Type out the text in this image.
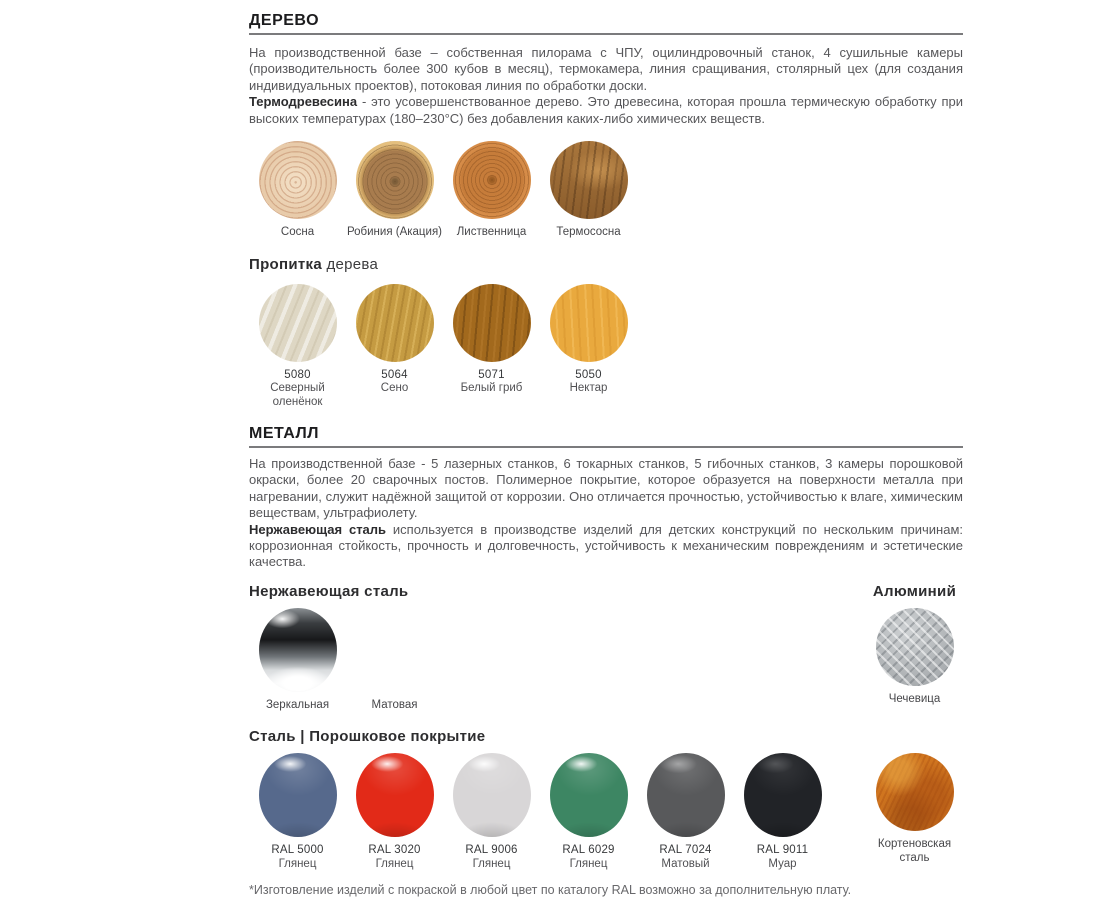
ДЕРЕВО

На производственной базе – собственная пилорама с ЧПУ, оцилиндровочный станок, 4 сушильные камеры (производительность более 300 кубов в месяц), термокамера, линия сращивания, столярный цех (для создания индивидуальных проектов), потоковая линия по обработки доски.

Термодревесина - это усовершенствованное дерево. Это древесина, которая прошла термическую обработку при высоких температурах (180–230°C) без добавления каких-либо химических веществ.

Сосна	Робиния (Акация) Лиственница	Термососна
Пропитка дерева
5080
Северный оленёнок
5064
Сено
5071
Белый гриб
5050
Нектар
МЕТАЛЛ

На производственной базе - 5 лазерных станков, 6 токарных станков, 5 гибочных станков, 3 камеры порошковой окраски, более 20 сварочных постов. Полимерное покрытие, которое образуется на поверхности металла при нагревании, служит надёжной защитой от коррозии. Оно отличается прочностью, устойчивостью к влаге, химическим веществам, ультрафиолету.

Нержавеющая сталь используется в производстве изделий для детских конструкций по нескольким причинам: коррозионная стойкость, прочность и долговечность, устойчивость к механическим повреждениям и эстетические качества.

Нержавеющая сталь	Алюминий
Зеркальная	Матовая	Чечевица
Сталь | Порошковое покрытие
RAL 5000
Глянец
RAL 3020
Глянец
RAL 9006
Глянец
RAL 6029
Глянец
RAL 7024
Матовый
RAL 9011
Муар
Кортеновская сталь

*Изготовление изделий с покраской в любой цвет по каталогу RAL возможно за дополнительную плату.
